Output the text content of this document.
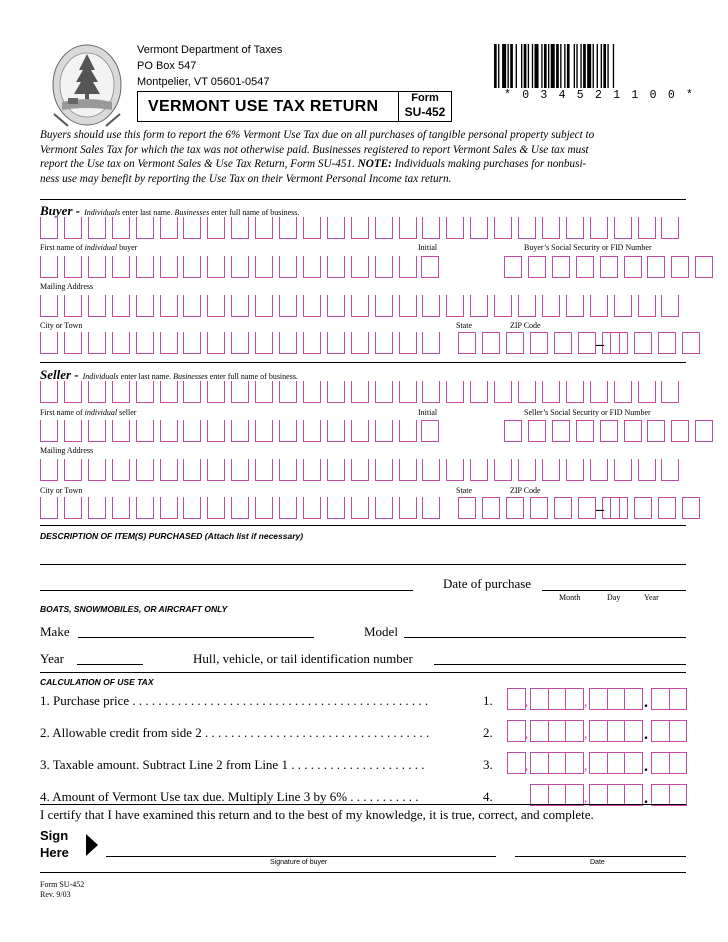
Vermont Department of Taxes
PO Box 547
Montpelier, VT 05601-0547
VERMONT USE TAX RETURN	Form
SU-452
* 0 3 4 5 2 1 1 0 0 *
Buyers should use this form to report the 6% Vermont Use Tax due on all purchases of tangible personal property subject to
Vermont Sales Tax for which the tax was not otherwise paid. Businesses registered to report Vermont Sales & Use tax must
report the Use tax on Vermont Sales & Use Tax Return, Form SU-451. NOTE: Individuals making purchases for nonbusi-
ness use may benefit by reporting the Use Tax on their Vermont Personal Income tax return.
Buyer - Individuals enter last name. Businesses enter full name of business.
First name of individual buyer	Initial	Buyer’s Social Security or FID Number
Mailing Address
City or Town	State	ZIP Code
–
Seller - Individuals enter last name. Businesses enter full name of business.
First name of individual seller	Initial	Seller’s Social Security or FID Number
Mailing Address
City or Town	State	ZIP Code
–
DESCRIPTION OF ITEM(S) PURCHASED (Attach list if necessary)
Date of purchase
Month	Day	Year
BOATS, SNOWMOBILES, OR AIRCRAFT ONLY
Make	Model
Year	Hull, vehicle, or tail identification number
CALCULATION OF USE TAX
1. Purchase price . . . . . . . . . . . . . . . . . . . . . . . . . . . . . . . . . . . . . . . . . . . . . .	1. ,	,	.
2. Allowable credit from side 2 . . . . . . . . . . . . . . . . . . . . . . . . . . . . . . . . . . .	2. ,	,	.
3. Taxable amount. Subtract Line 2 from Line 1 . . . . . . . . . . . . . . . . . . . . .	3. ,	,	.
4. Amount of Vermont Use tax due. Multiply Line 3 by 6% . . . . . . . . . . .	4.	,	.
I certify that I have examined this return and to the best of my knowledge, it is true, correct, and complete.
Sign
Here
Signature of buyer	Date
Form SU-452
Rev. 9/03
